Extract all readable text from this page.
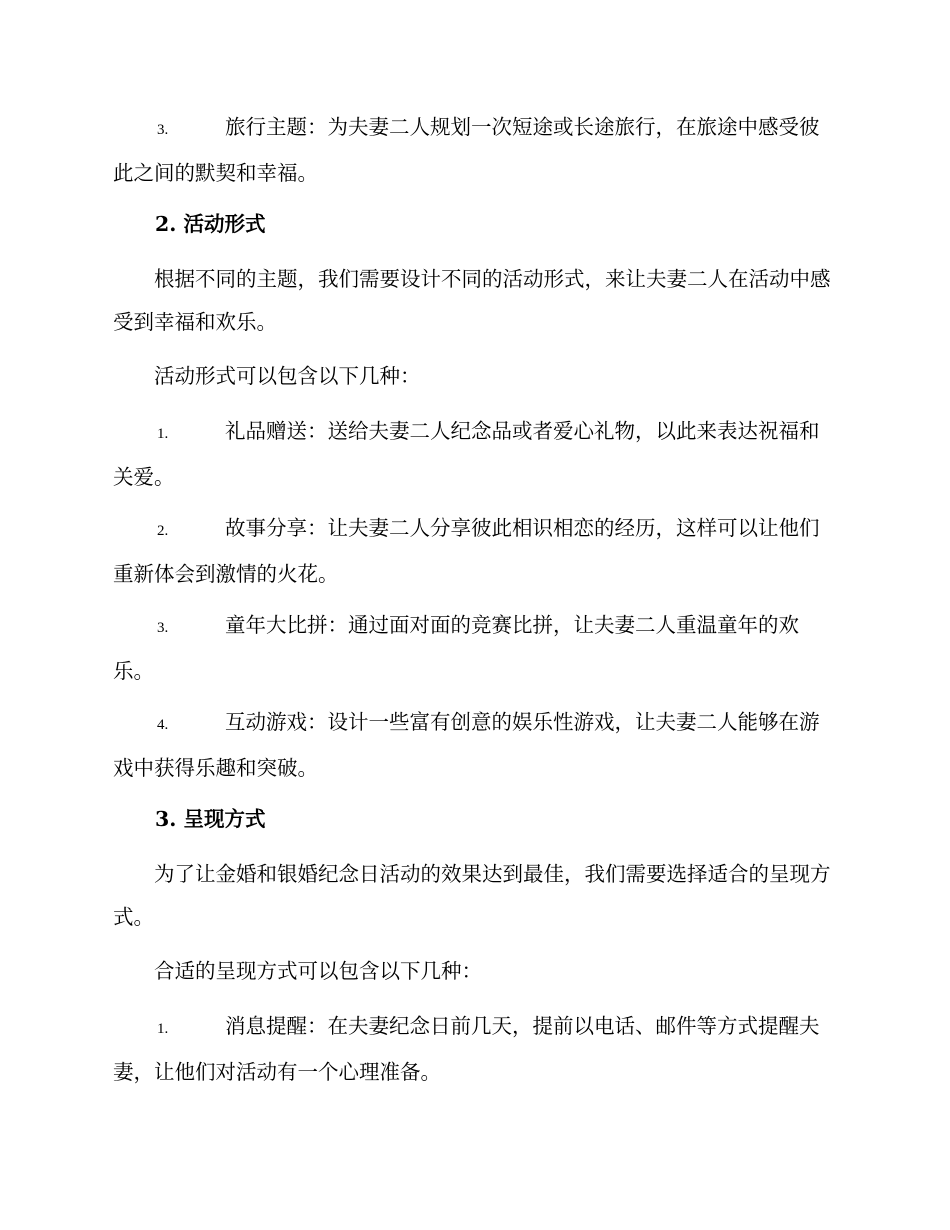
3.	旅行主题：为夫妻二人规划一次短途或长途旅行，在旅途中感受彼此之间的默契和幸福。

2. 活动形式

根据不同的主题，我们需要设计不同的活动形式，来让夫妻二人在活动中感受到幸福和欢乐。

活动形式可以包含以下几种：

1.	礼品赠送：送给夫妻二人纪念品或者爱心礼物，以此来表达祝福和关爱。

2.	故事分享：让夫妻二人分享彼此相识相恋的经历，这样可以让他们重新体会到激情的火花。

3.	童年大比拼：通过面对面的竞赛比拼，让夫妻二人重温童年的欢乐。

4.	互动游戏：设计一些富有创意的娱乐性游戏，让夫妻二人能够在游戏中获得乐趣和突破。

3. 呈现方式

为了让金婚和银婚纪念日活动的效果达到最佳，我们需要选择适合的呈现方式。

合适的呈现方式可以包含以下几种：

1.	消息提醒：在夫妻纪念日前几天，提前以电话、邮件等方式提醒夫妻，让他们对活动有一个心理准备。
